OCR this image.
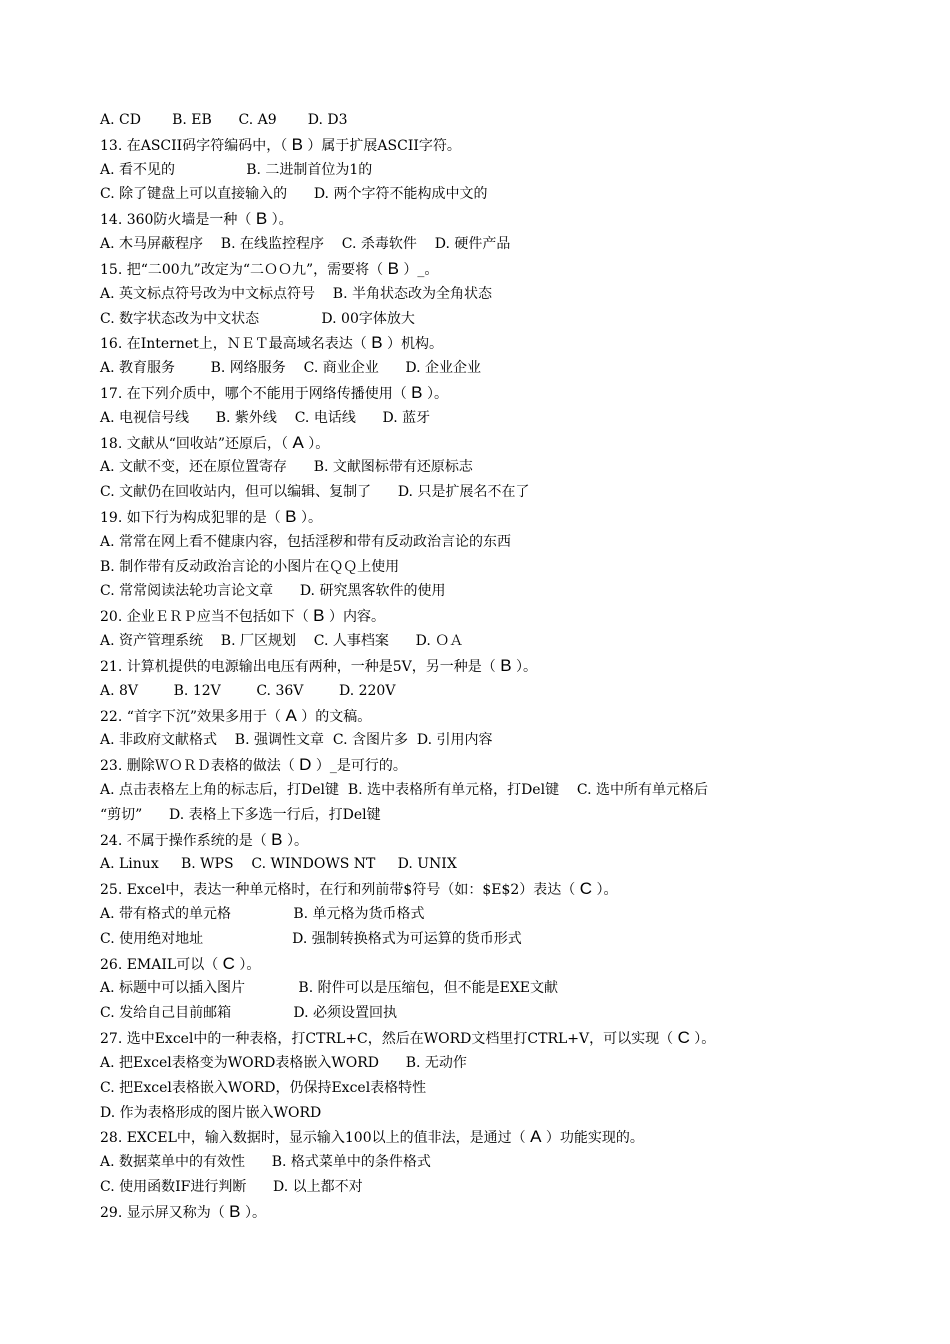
A. CD       B. EB      C. A9       D. D3
13. 在ASCII码字符编码中，（ B ）属于扩展ASCII字符。
A. 看不见的                B. 二进制首位为1的
C. 除了键盘上可以直接输入的      D. 两个字符不能构成中文的
14. 360防火墙是一种（ B ）。
A. 木马屏蔽程序    B. 在线监控程序    C. 杀毒软件    D. 硬件产品
15. 把“二00九”改定为“二ＯＯ九”，需要将（ B ）_。
A. 英文标点符号改为中文标点符号    B. 半角状态改为全角状态
C. 数字状态改为中文状态              D. 00字体放大
16. 在Internet上，ＮＥＴ最高域名表达（ B ）机构。
A. 教育服务        B. 网络服务    C. 商业企业      D. 企业企业
17. 在下列介质中，哪个不能用于网络传播使用（ B ）。
A. 电视信号线      B. 紫外线    C. 电话线      D. 蓝牙
18. 文献从“回收站”还原后，（ A ）。
A. 文献不变，还在原位置寄存      B. 文献图标带有还原标志
C. 文献仍在回收站内，但可以编辑、复制了      D. 只是扩展名不在了
19. 如下行为构成犯罪的是（ B ）。
A. 常常在网上看不健康内容，包括淫秽和带有反动政治言论的东西
B. 制作带有反动政治言论的小图片在ＱＱ上使用
C. 常常阅读法轮功言论文章      D. 研究黑客软件的使用
20. 企业ＥＲＰ应当不包括如下（ B ）内容。
A. 资产管理系统    B. 厂区规划    C. 人事档案      D. ＯＡ
21. 计算机提供的电源输出电压有两种，一种是5V，另一种是（ B ）。
A. 8V        B. 12V        C. 36V        D. 220V
22. “首字下沉”效果多用于（ A ）的文稿。
A. 非政府文献格式    B. 强调性文章  C. 含图片多  D. 引用内容
23. 删除ＷＯＲＤ表格的做法（ D ）_是可行的。
A. 点击表格左上角的标志后，打Del键  B. 选中表格所有单元格，打Del键    C. 选中所有单元格后
“剪切”      D. 表格上下多选一行后，打Del键
24. 不属于操作系统的是（ B ）。
A. Linux     B. WPS    C. WINDOWS NT     D. UNIX
25. Excel中，表达一种单元格时，在行和列前带$符号（如：$E$2）表达（ C ）。
A. 带有格式的单元格              B. 单元格为货币格式
C. 使用绝对地址                    D. 强制转换格式为可运算的货币形式
26. EMAIL可以（ C ）。
A. 标题中可以插入图片            B. 附件可以是压缩包，但不能是EXE文献
C. 发给自己目前邮箱              D. 必须设置回执
27. 选中Excel中的一种表格，打CTRL+C，然后在WORD文档里打CTRL+V，可以实现（ C ）。
A. 把Excel表格变为WORD表格嵌入WORD      B. 无动作
C. 把Excel表格嵌入WORD，仍保持Excel表格特性
D. 作为表格形成的图片嵌入WORD
28. EXCEL中，输入数据时，显示输入100以上的值非法，是通过（ A ）功能实现的。
A. 数据菜单中的有效性      B. 格式菜单中的条件格式
C. 使用函数IF进行判断      D. 以上都不对
29. 显示屏又称为（ B ）。
